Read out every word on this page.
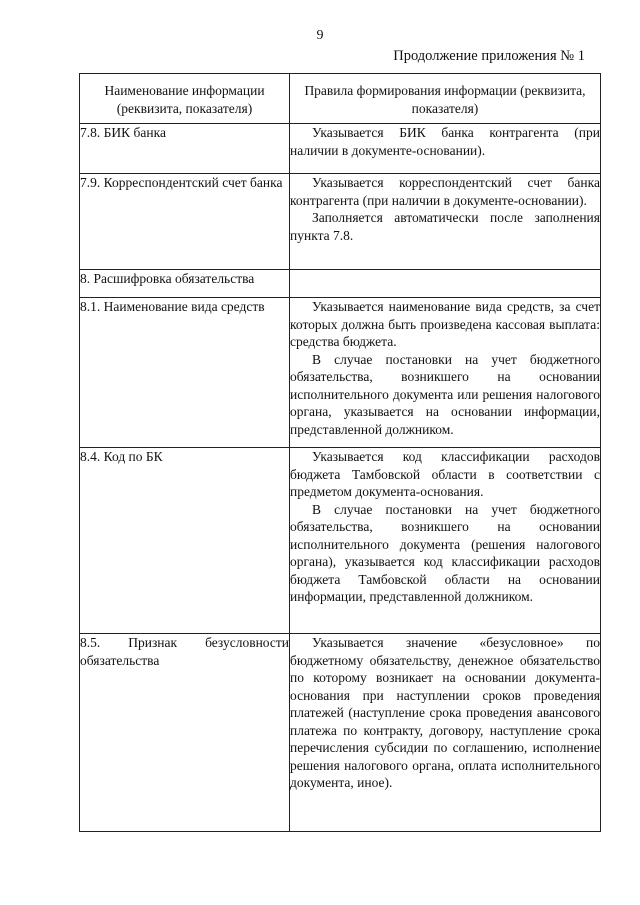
9
Продолжение приложения № 1
Наименование информации (реквизита, показателя)	Правила формирования информации (реквизита, показателя)
7.8. БИК банка	Указывается БИК банка контрагента (при наличии в документе-основании).

7.9. Корреспондентский счет банка	Указывается корреспондентский счет банка контрагента (при наличии в документе-основании).

Заполняется автоматически после заполнения пункта 7.8.

8. Расшифровка обязательства	
8.1. Наименование вида средств	Указывается наименование вида средств, за счет которых должна быть произведена кассовая выплата: средства бюджета.

В случае постановки на учет бюджетного обязательства, возникшего на основании исполнительного документа или решения налогового органа, указывается на основании информации, представленной должником.

8.4. Код по БК	Указывается код классификации расходов бюджета Тамбовской области в соответствии с предметом документа-основания.

В случае постановки на учет бюджетного обязательства, возникшего на основании исполнительного документа (решения налогового органа), указывается код классификации расходов бюджета Тамбовской области на основании информации, представленной должником.

8.5. Признак безусловности обязательства	Указывается значение «безусловное» по бюджетному обязательству, денежное обязательство по которому возникает на основании документа-основания при наступлении сроков проведения платежей (наступление срока проведения авансового платежа по контракту, договору, наступление срока перечисления субсидии по соглашению, исполнение решения налогового органа, оплата исполнительного документа, иное).
